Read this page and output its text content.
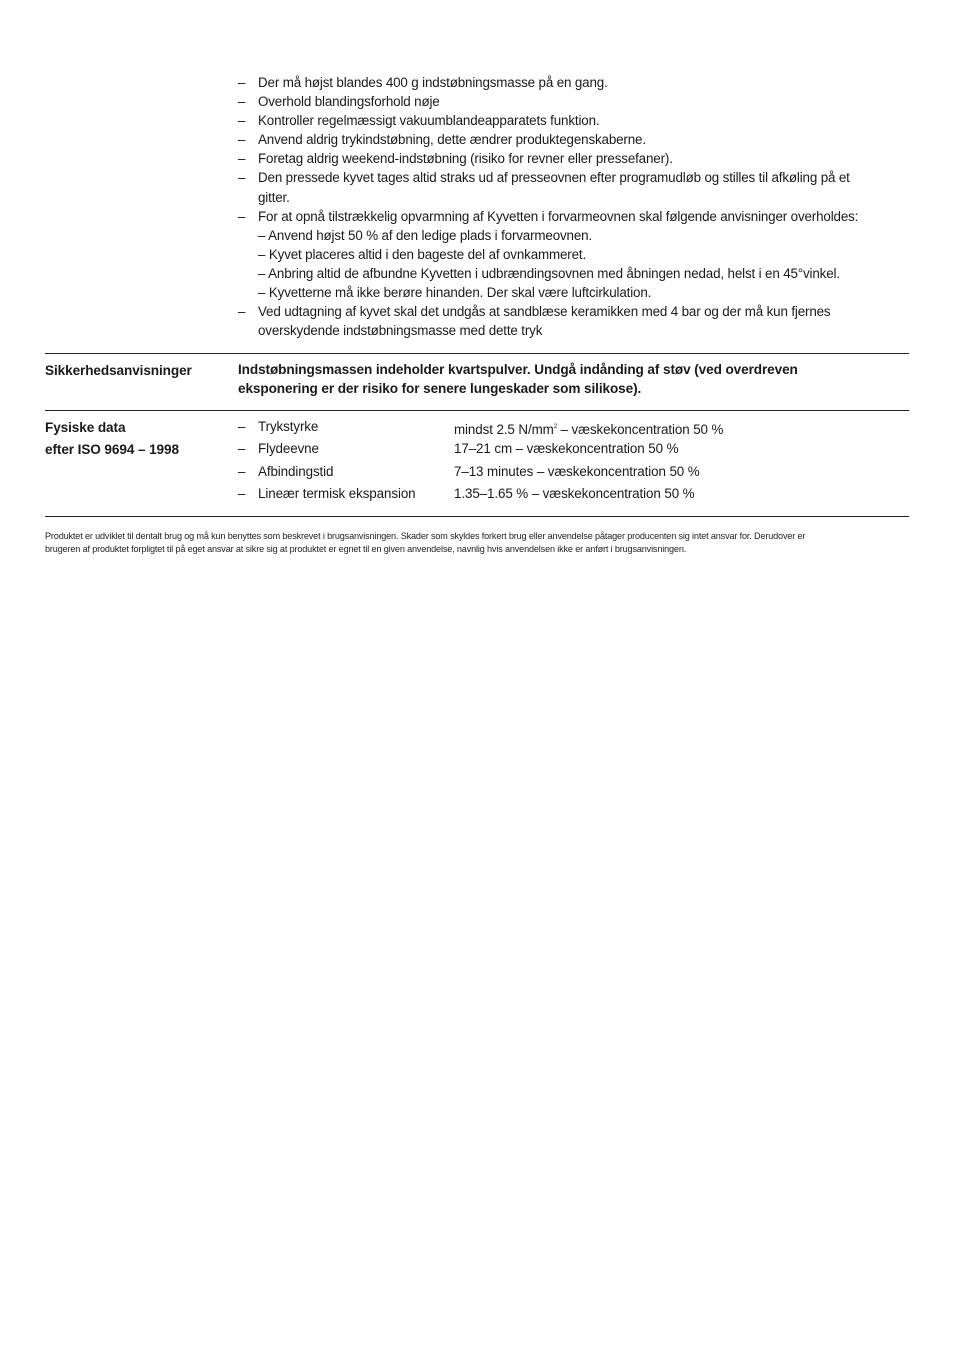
– Der må højst blandes 400 g indstøbningsmasse på en gang.
– Overhold blandingsforhold nøje
– Kontroller regelmæssigt vakuumblandeapparatets funktion.
– Anvend aldrig trykindstøbning, dette ændrer produktegenskaberne.
– Foretag aldrig weekend-indstøbning (risiko for revner eller pressefaner).
– Den pressede kyvet tages altid straks ud af presseovnen efter programudløb og stilles til afkøling på et
gitter.
– For at opnå tilstrækkelig opvarmning af Kyvetten i forvarmeovnen skal følgende anvisninger overholdes:
– Anvend højst 50 % af den ledige plads i forvarmeovnen.
– Kyvet placeres altid i den bageste del af ovnkammeret.
– Anbring altid de afbundne Kyvetten i udbrændingsovnen med åbningen nedad, helst i en 45°vinkel.
– Kyvetterne må ikke berøre hinanden. Der skal være luftcirkulation.
– Ved udtagning af kyvet skal det undgås at sandblæse keramikken med 4 bar og der må kun fjernes
overskydende indstøbningsmasse med dette tryk
Sikkerhedsanvisninger	Indstøbningsmassen indeholder kvartspulver. Undgå indånding af støv (ved overdreven
eksponering er der risiko for senere lungeskader som silikose).
Fysiske data
efter ISO 9694 – 1998
– Trykstyrke	mindst 2.5 $N/mm^2$ – væskekoncentration 50 %
– Flydeevne	17–21 cm – væskekoncentration 50 %
– Afbindingstid	7–13 minutes – væskekoncentration 50 %
– Lineær termisk ekspansion	1.35–1.65 % – væskekoncentration 50 %
Produktet er udviklet til dentalt brug og må kun benyttes som beskrevet i brugsanvisningen. Skader som skyldes forkert brug eller anvendelse påtager producenten sig intet ansvar for. Derudover er
brugeren af produktet forpligtet til på eget ansvar at sikre sig at produktet er egnet til en given anvendelse, navnlig hvis anvendelsen ikke er anført i brugsanvisningen.
